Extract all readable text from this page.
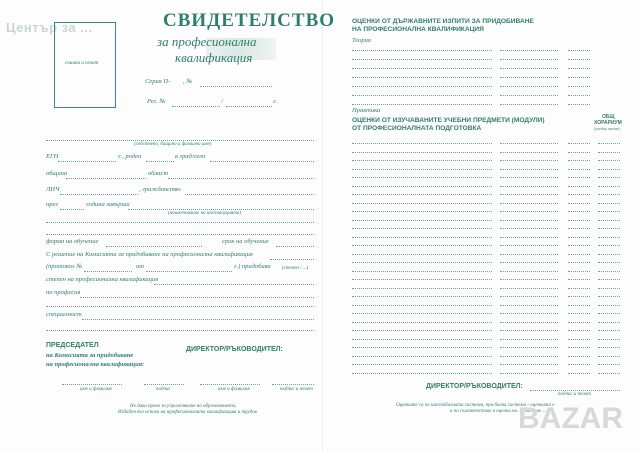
Център за ...
снимка и печат
СВИДЕТЕЛСТВО
за професионална
квалификация
Серия П- , №
Рег. №	/	г.
(собствено, бащино и фамилно име)
ЕГН	г., роден	в град/село
община	област
ЛНЧ	, гражданство
през	година завърши
(наименование на институцията)
форма на обучение	срок на обучение
С решение на Комисията за придобиване на професионална квалификация
(протокол №	от	г.) придобива (степен / ...)
степен на професионална квалификация
по професия
специалност
ПРЕДСЕДАТЕЛ
на Комисията за придобиване
на професионална квалификация:
ДИРЕКТОР/РЪКОВОДИТЕЛ:
име и фамилия	подпис	име и фамилия	подпис и печат
Не дава право за упражняване на образованието,
Издаден въз основа на професионалната квалификация и трудов
ОЦЕНКИ ОТ ДЪРЖАВНИТЕ ИЗПИТИ ЗА ПРИДОБИВАНЕ
НА ПРОФЕСИОНАЛНА КВАЛИФИКАЦИЯ
Теория
Практика
ОЦЕНКИ ОТ ИЗУЧАВАНИТЕ УЧЕБНИ ПРЕДМЕТИ (МОДУЛИ)
ОТ ПРОФЕСИОНАЛНАТА ПОДГОТОВКА
ОБЩ
ХОРАРИУМ
(учебни часове)
ДИРЕКТОР/РЪКОВОДИТЕЛ:
подпис и печат
Оценките са по шестобалната система, при бална система - оценката е
и по съответствие в оценки на ... /членове ...
BAZAR
